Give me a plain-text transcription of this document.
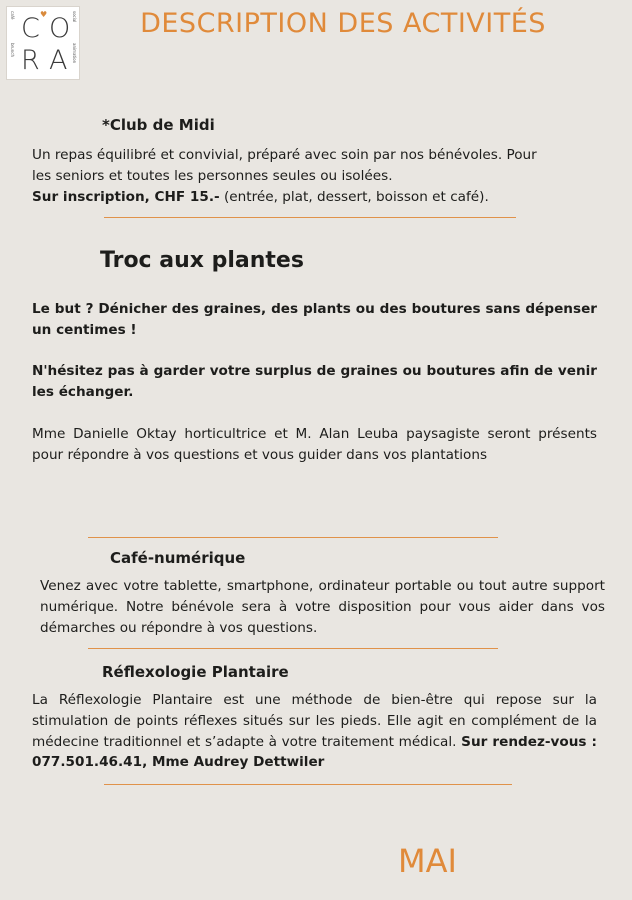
♥
C O
R A
café
brunch
social
animation
DESCRIPTION DES ACTIVITÉS
*Club de Midi

Un repas équilibré et convivial, préparé avec soin par nos bénévoles. Pour

les seniors et toutes les personnes seules ou isolées.

Sur inscription, CHF 15.- (entrée, plat, dessert, boisson et café).

Troc aux plantes

Le but ? Dénicher des graines, des plants ou des boutures sans dépenser un centimes !

N'hésitez pas à garder votre surplus de graines ou boutures afin de venir les échanger.

Mme Danielle Oktay horticultrice et M. Alan Leuba paysagiste seront présents pour répondre à vos questions et vous guider dans vos plantations

Café-numérique

Venez avec votre tablette, smartphone, ordinateur portable ou tout autre support numérique. Notre bénévole sera à votre disposition pour vous aider dans vos démarches ou répondre à vos questions.

Réflexologie Plantaire

La Réflexologie Plantaire est une méthode de bien-être qui repose sur la stimulation de points réflexes situés sur les pieds. Elle agit en complément de la médecine traditionnel et s’adapte à votre traitement médical. Sur rendez-vous : 077.501.46.41, Mme Audrey Dettwiler

MAI
